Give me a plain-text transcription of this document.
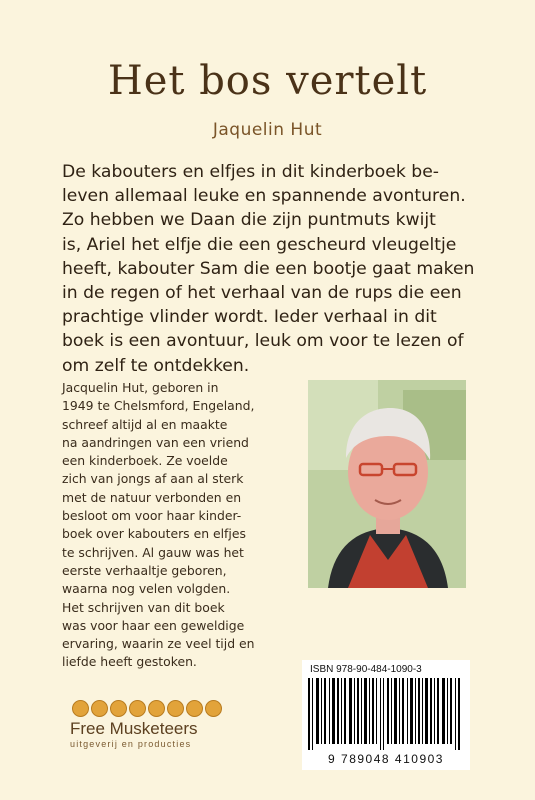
Het bos vertelt
Jaquelin Hut
De kabouters en elfjes in dit kinderboek be-
leven allemaal leuke en spannende avonturen.
Zo hebben we Daan die zijn puntmuts kwijt
is, Ariel het elfje die een gescheurd vleugeltje
heeft, kabouter Sam die een bootje gaat maken
in de regen of het verhaal van de rups die een
prachtige vlinder wordt. Ieder verhaal in dit
boek is een avontuur, leuk om voor te lezen of
om zelf te ontdekken.
Jacquelin Hut, geboren in
1949 te Chelsmford, Engeland,
schreef altijd al en maakte
na aandringen van een vriend
een kinderboek. Ze voelde
zich van jongs af aan al sterk
met de natuur verbonden en
besloot om voor haar kinder-
boek over kabouters en elfjes
te schrijven. Al gauw was het
eerste verhaaltje geboren,
waarna nog velen volgden.
Het schrijven van dit boek
was voor haar een geweldige
ervaring, waarin ze veel tijd en
liefde heeft gestoken.
ISBN 978-90-484-1090-3
9 789048 410903
Free Musketeers
uitgeverij en producties
